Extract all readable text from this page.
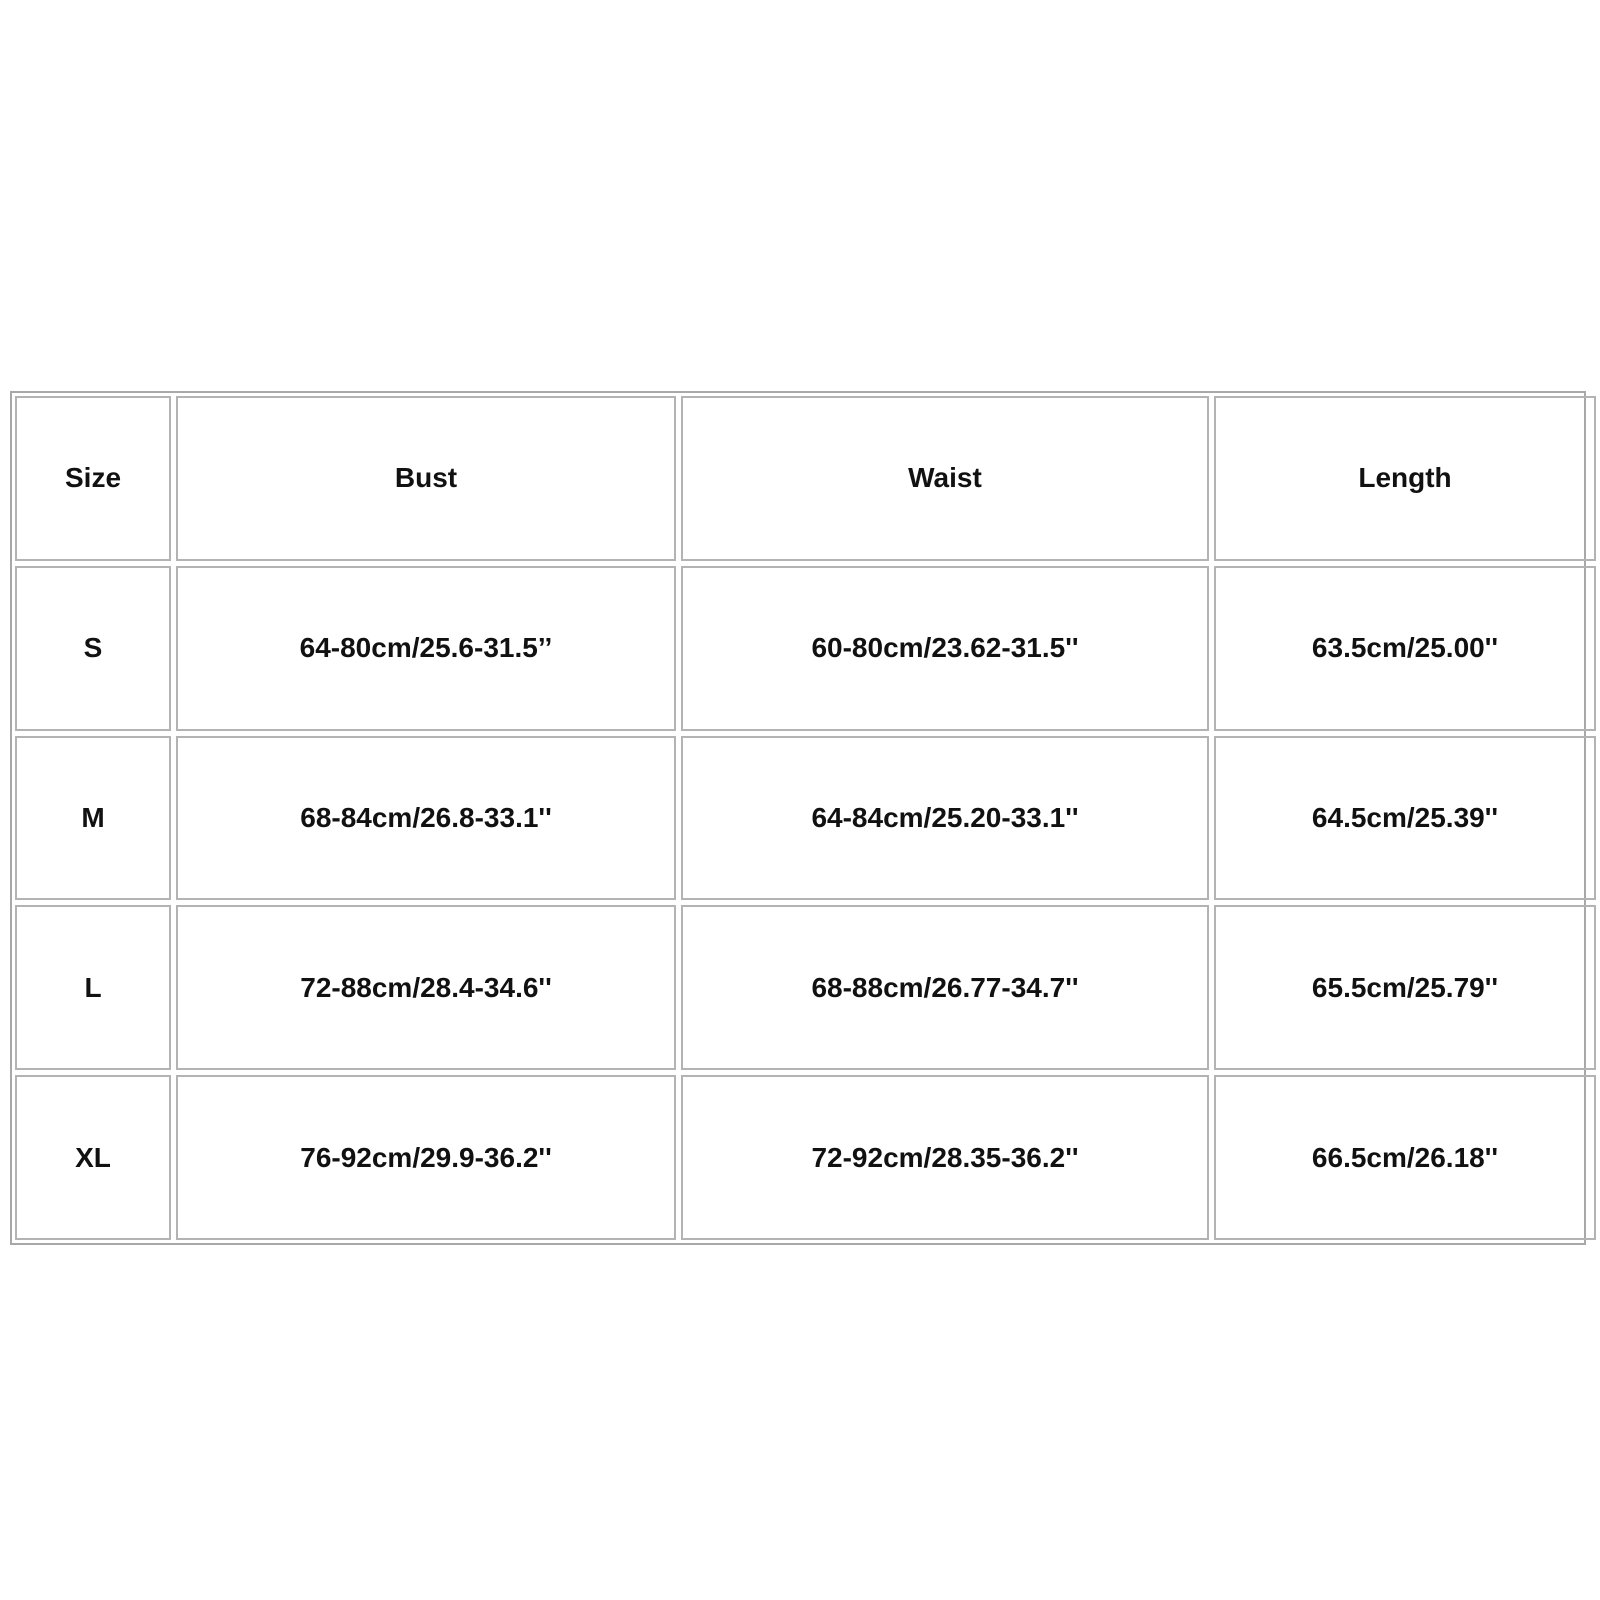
Size	Bust	Waist	Length
S	64-80cm/25.6-31.5’’	60-80cm/23.62-31.5''	63.5cm/25.00''
M	68-84cm/26.8-33.1''	64-84cm/25.20-33.1''	64.5cm/25.39''
L	72-88cm/28.4-34.6''	68-88cm/26.77-34.7''	65.5cm/25.79''
XL	76-92cm/29.9-36.2''	72-92cm/28.35-36.2''	66.5cm/26.18''
